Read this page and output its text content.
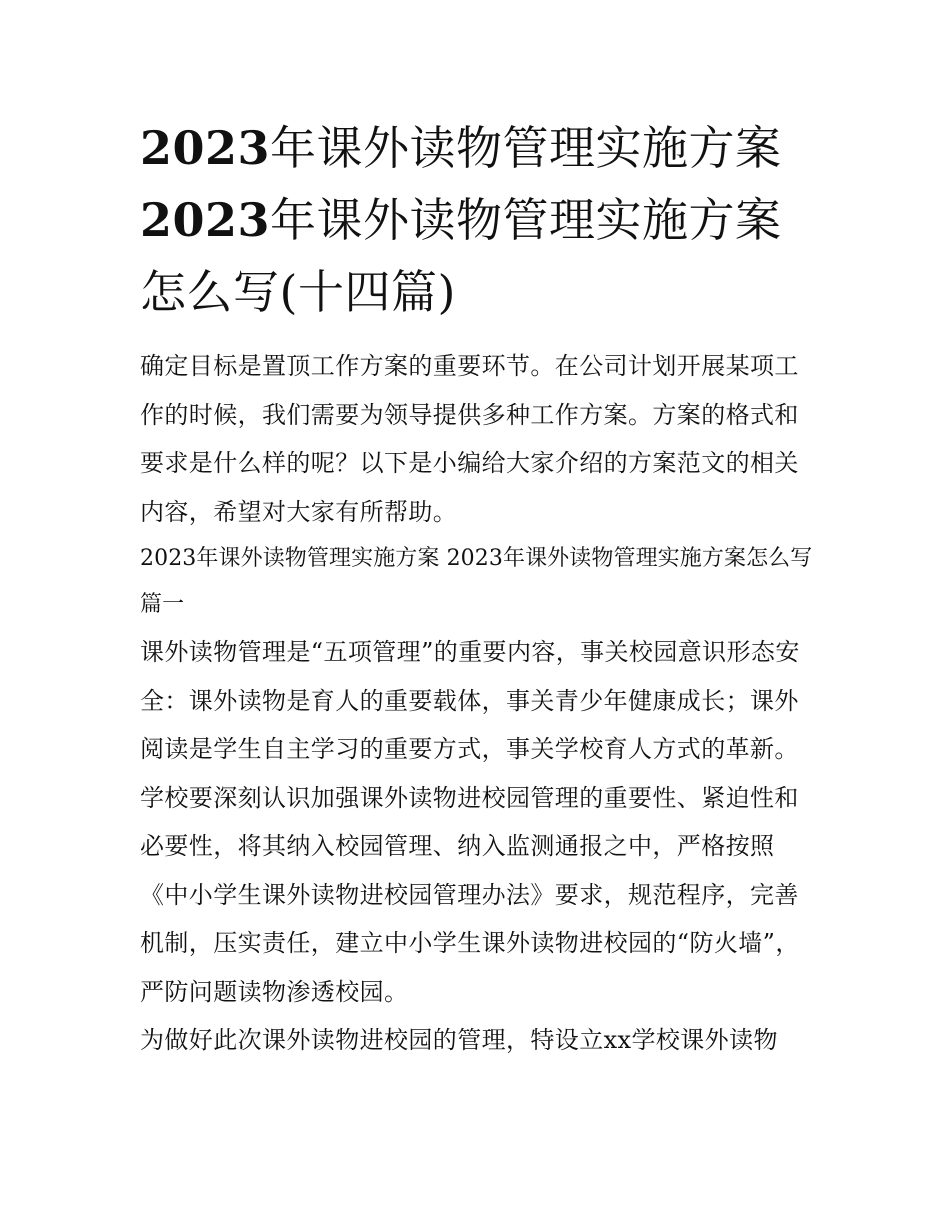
2023年课外读物管理实施方案
2023年课外读物管理实施方案
怎么写(十四篇)

确定目标是置顶工作方案的重要环节。在公司计划开展某项工作的时候，我们需要为领导提供多种工作方案。方案的格式和要求是什么样的呢？以下是小编给大家介绍的方案范文的相关内容，希望对大家有所帮助。

2023年课外读物管理实施方案 2023年课外读物管理实施方案怎么写篇一

课外读物管理是“五项管理”的重要内容，事关校园意识形态安全：课外读物是育人的重要载体，事关青少年健康成长；课外阅读是学生自主学习的重要方式，事关学校育人方式的革新。学校要深刻认识加强课外读物进校园管理的重要性、紧迫性和必要性，将其纳入校园管理、纳入监测通报之中，严格按照《中小学生课外读物进校园管理办法》要求，规范程序，完善机制，压实责任，建立中小学生课外读物进校园的“防火墙”，严防问题读物渗透校园。

为做好此次课外读物进校园的管理，特设立xx学校课外读物
